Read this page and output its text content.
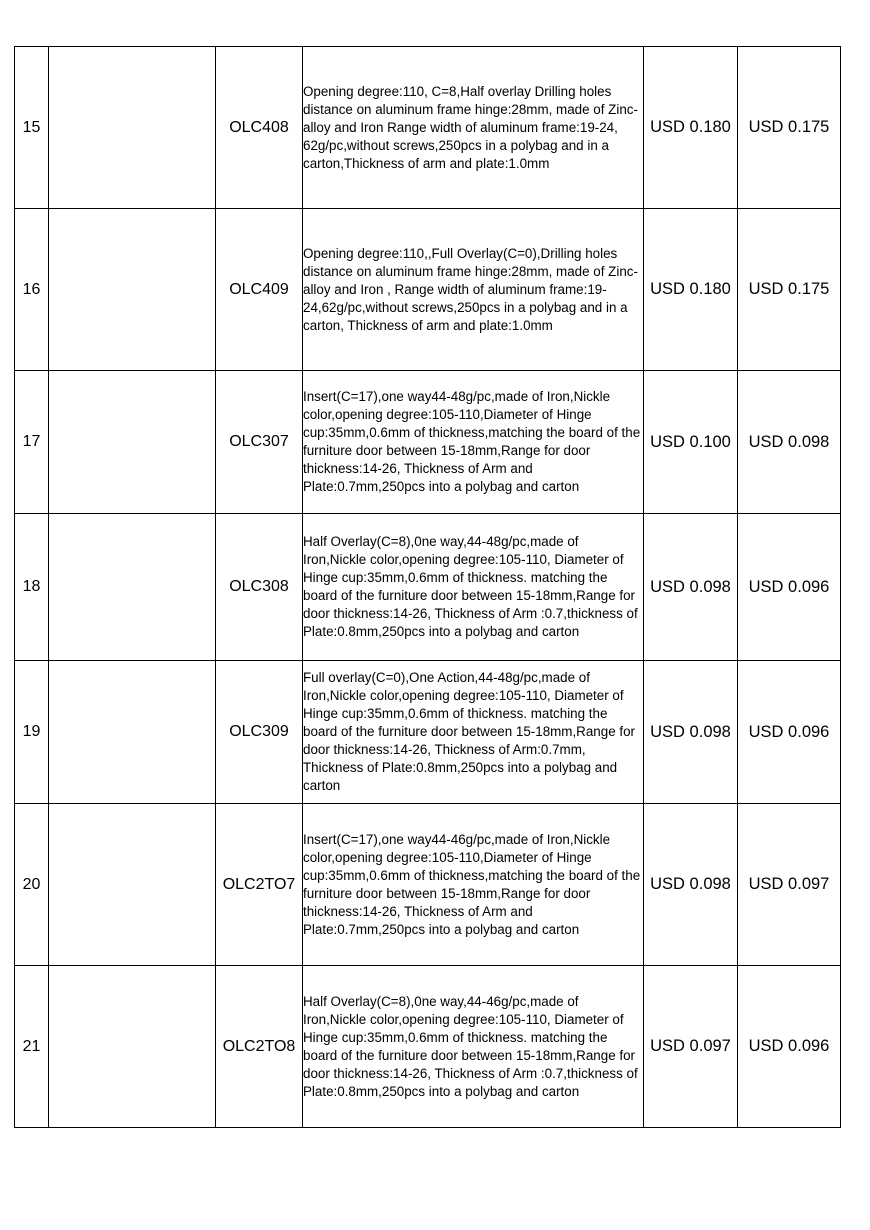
15		OLC408	Opening degree:110, C=8,Half overlay Drilling holes distance on aluminum frame hinge:28mm, made of Zinc-alloy and Iron Range width of aluminum frame:19-24, 62g/pc,without screws,250pcs in a polybag and in a carton,Thickness of arm and plate:1.0mm	USD 0.180	USD 0.175
16		OLC409	Opening degree:110,,Full Overlay(C=0),Drilling holes distance on aluminum frame hinge:28mm, made of Zinc-alloy and Iron , Range width of aluminum frame:19-24,62g/pc,without screws,250pcs in a polybag and in a carton, Thickness of arm and plate:1.0mm	USD 0.180	USD 0.175
17		OLC307	Insert(C=17),one way44-48g/pc,made of Iron,Nickle color,opening degree:105-110,Diameter of Hinge cup:35mm,0.6mm of thickness,matching the board of the furniture door between 15-18mm,Range for door thickness:14-26, Thickness of Arm and Plate:0.7mm,250pcs into a polybag and carton	USD 0.100	USD 0.098
18		OLC308	Half Overlay(C=8),0ne way,44-48g/pc,made of Iron,Nickle color,opening degree:105-110, Diameter of Hinge cup:35mm,0.6mm of thickness. matching the board of the furniture door between 15-18mm,Range for door thickness:14-26, Thickness of Arm :0.7,thickness of Plate:0.8mm,250pcs into a polybag and carton	USD 0.098	USD 0.096
19		OLC309	Full overlay(C=0),One Action,44-48g/pc,made of Iron,Nickle color,opening degree:105-110, Diameter of Hinge cup:35mm,0.6mm of thickness. matching the board of the furniture door between 15-18mm,Range for door thickness:14-26, Thickness of Arm:0.7mm, Thickness of Plate:0.8mm,250pcs into a polybag and carton	USD 0.098	USD 0.096
20		OLC2TO7	Insert(C=17),one way44-46g/pc,made of Iron,Nickle color,opening degree:105-110,Diameter of Hinge cup:35mm,0.6mm of thickness,matching the board of the furniture door between 15-18mm,Range for door thickness:14-26, Thickness of Arm and Plate:0.7mm,250pcs into a polybag and carton	USD 0.098	USD 0.097
21		OLC2TO8	Half Overlay(C=8),0ne way,44-46g/pc,made of Iron,Nickle color,opening degree:105-110, Diameter of Hinge cup:35mm,0.6mm of thickness. matching the board of the furniture door between 15-18mm,Range for door thickness:14-26, Thickness of Arm :0.7,thickness of Plate:0.8mm,250pcs into a polybag and carton	USD 0.097	USD 0.096
